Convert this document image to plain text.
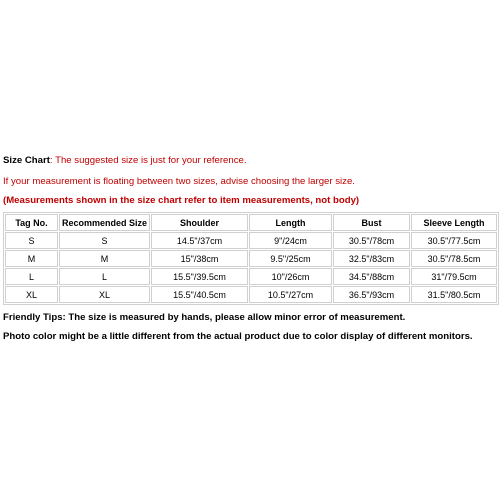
Size Chart: The suggested size is just for your reference.
If your measurement is floating between two sizes, advise choosing the larger size.
(Measurements shown in the size chart refer to item measurements, not body)
Tag No.	Recommended Size	Shoulder	Length	Bust	Sleeve Length
S	S	14.5"/37cm	9"/24cm	30.5"/78cm	30.5"/77.5cm
M	M	15"/38cm	9.5"/25cm	32.5"/83cm	30.5"/78.5cm
L	L	15.5"/39.5cm	10"/26cm	34.5"/88cm	31"/79.5cm
XL	XL	15.5"/40.5cm	10.5"/27cm	36.5"/93cm	31.5"/80.5cm
Friendly Tips: The size is measured by hands, please allow minor error of measurement.
Photo color might be a little different from the actual product due to color display of different monitors.
